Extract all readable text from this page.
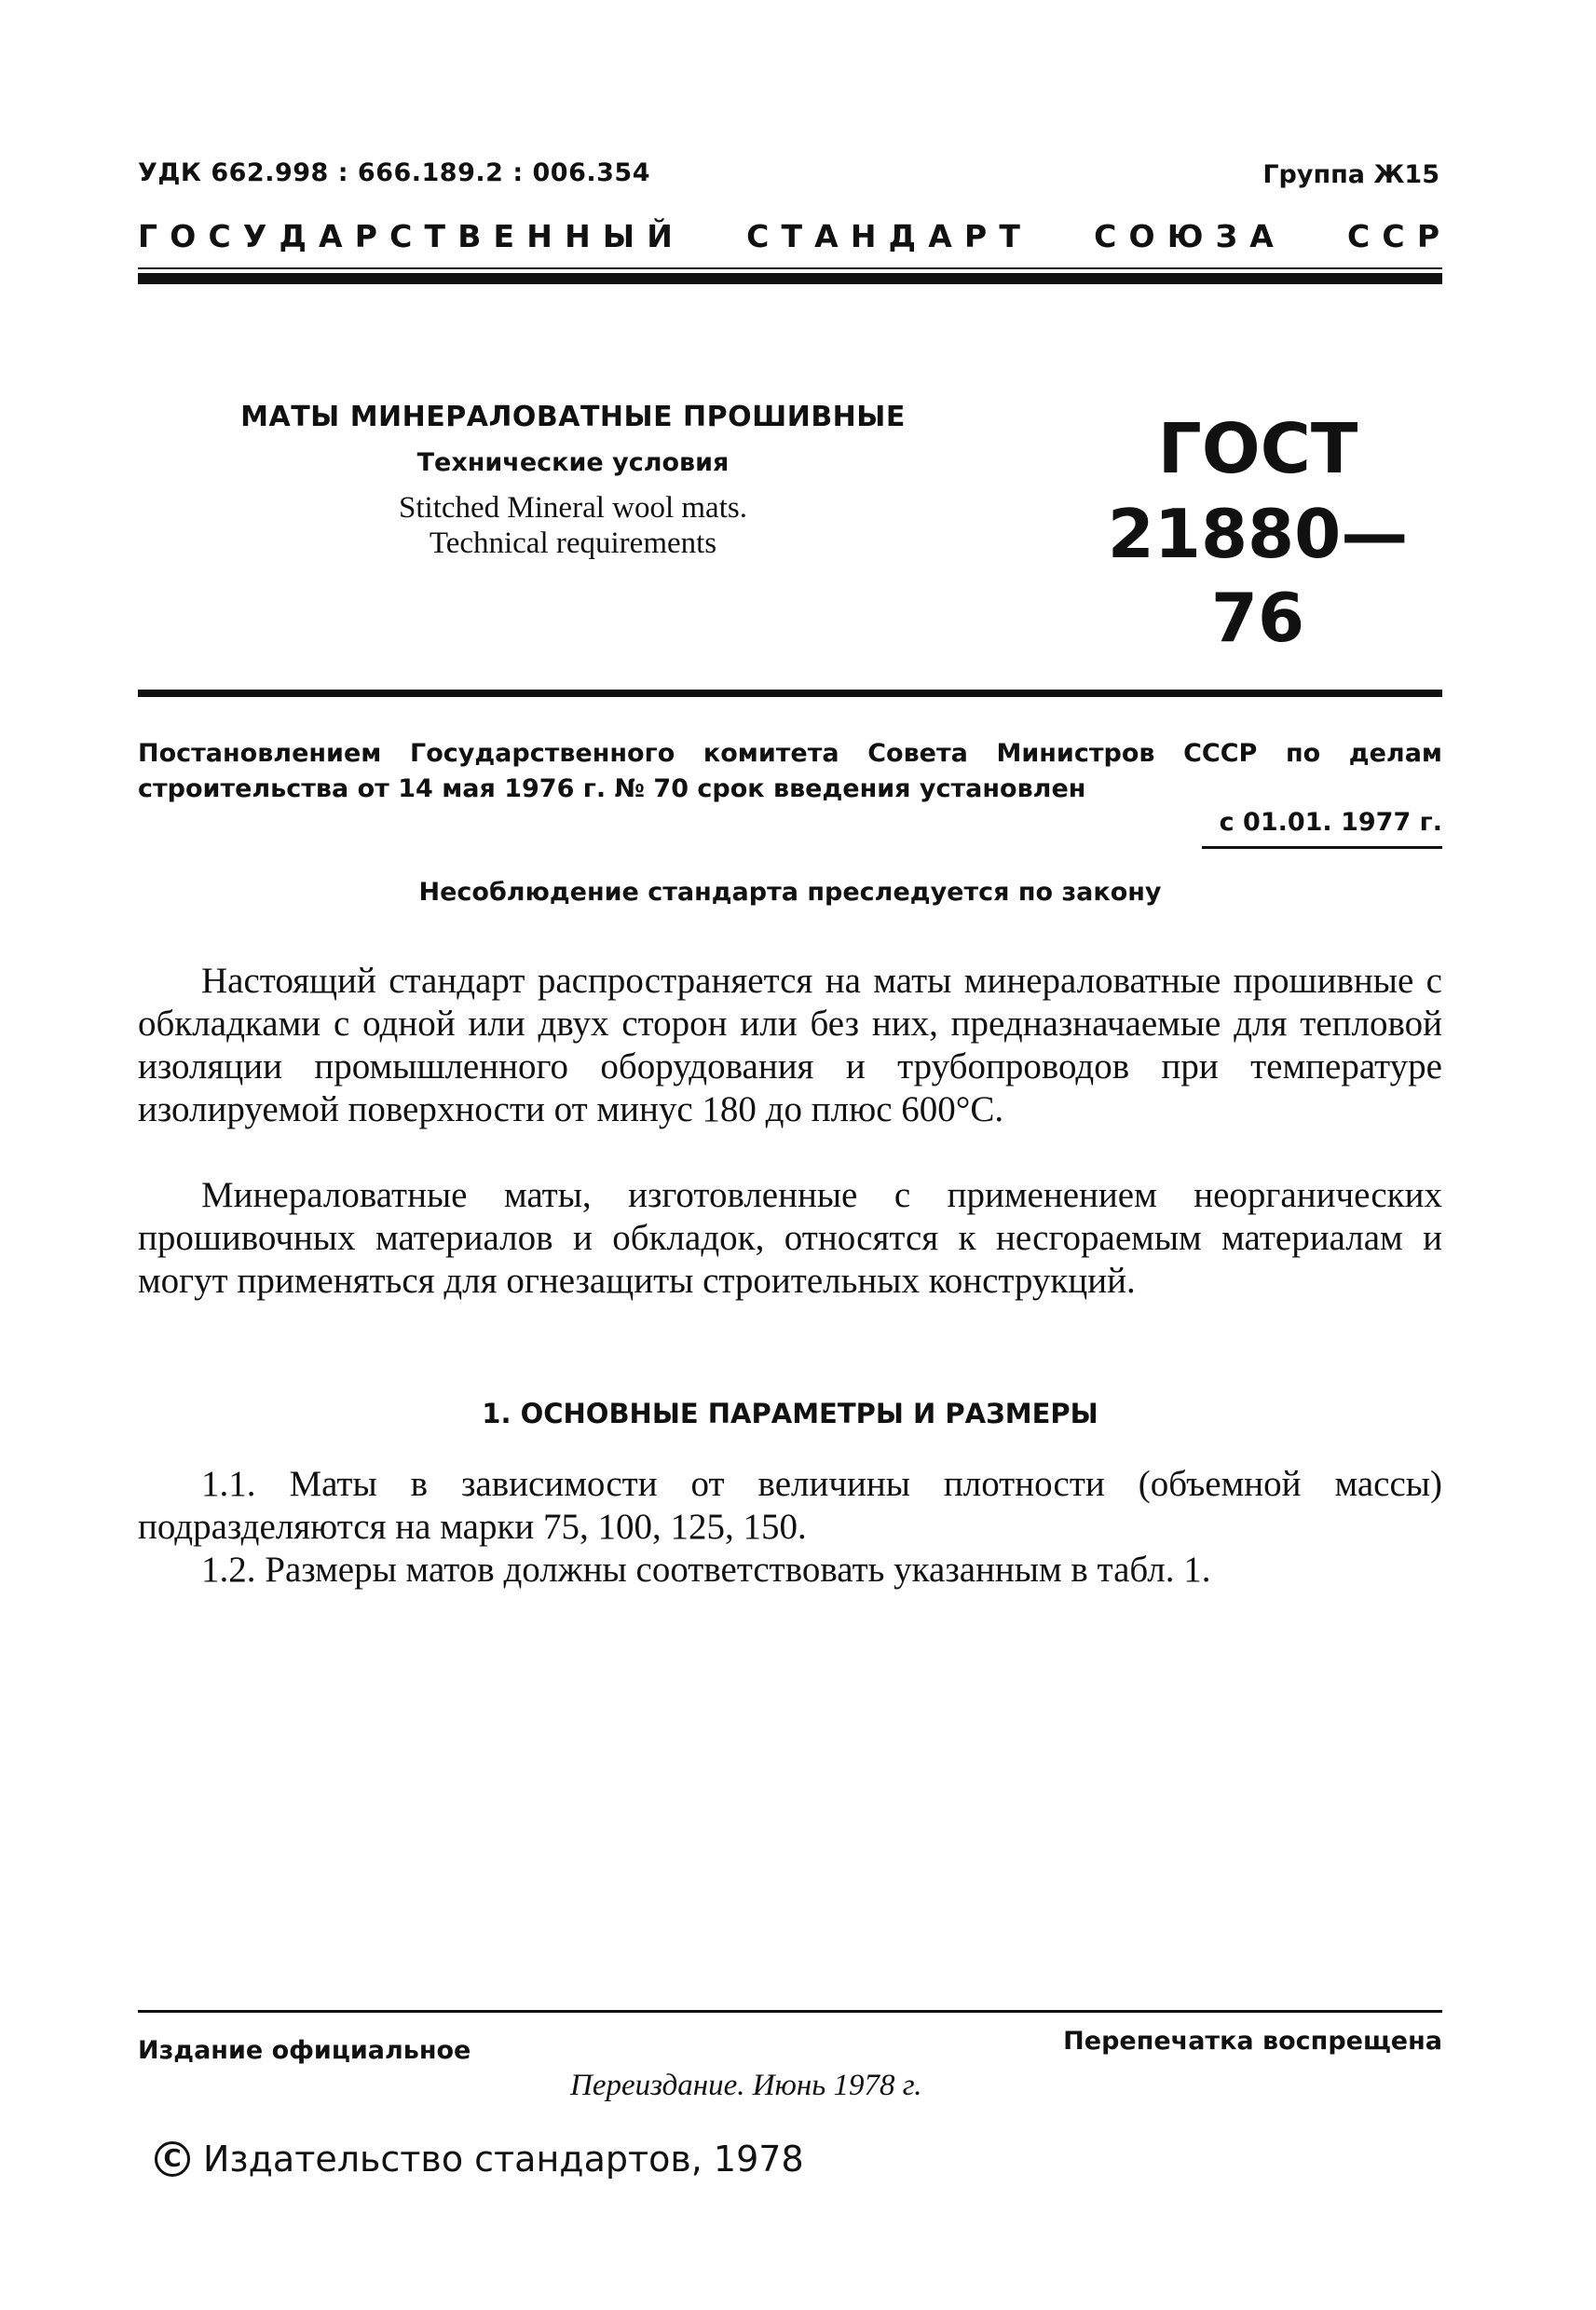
УДК 662.998 : 666.189.2 : 006.354	Группа Ж15
Г  О  С  У  Д  А  Р  С  Т  В  Е  Н  Н  Ы  Й С  Т  А  Н  Д  А  Р  Т С  О  Ю  З  А С  С  Р
МАТЫ МИНЕРАЛОВАТНЫЕ ПРОШИВНЫЕ
Технические условия
Stitched Mineral wool mats.
Technical requirements
ГОСТ
21880—76
Постановлением Государственного комитета Совета Министров СССР по делам строительства от 14 мая 1976 г. № 70 срок введения установлен
с 01.01. 1977 г.
Несоблюдение стандарта преследуется по закону

Настоящий стандарт распространяется на маты минераловатные прошивные с обкладками с одной или двух сторон или без них, предназначаемые для тепловой изоляции промышленного оборудования и трубопроводов при температуре изолируемой поверхности от минус 180 до плюс 600°С.

Минераловатные маты, изготовленные с применением неорганических прошивочных материалов и обкладок, относятся к несгораемым материалам и могут применяться для огнезащиты строительных конструкций.

1. ОСНОВНЫЕ ПАРАМЕТРЫ И РАЗМЕРЫ

1.1. Маты в зависимости от величины плотности (объемной массы) подразделяются на марки 75, 100, 125, 150.

1.2. Размеры матов должны соответствовать указанным в табл. 1.

Издание официальное	Перепечатка воспрещена
Переиздание. Июнь 1978 г.
C Издательство стандартов, 1978
